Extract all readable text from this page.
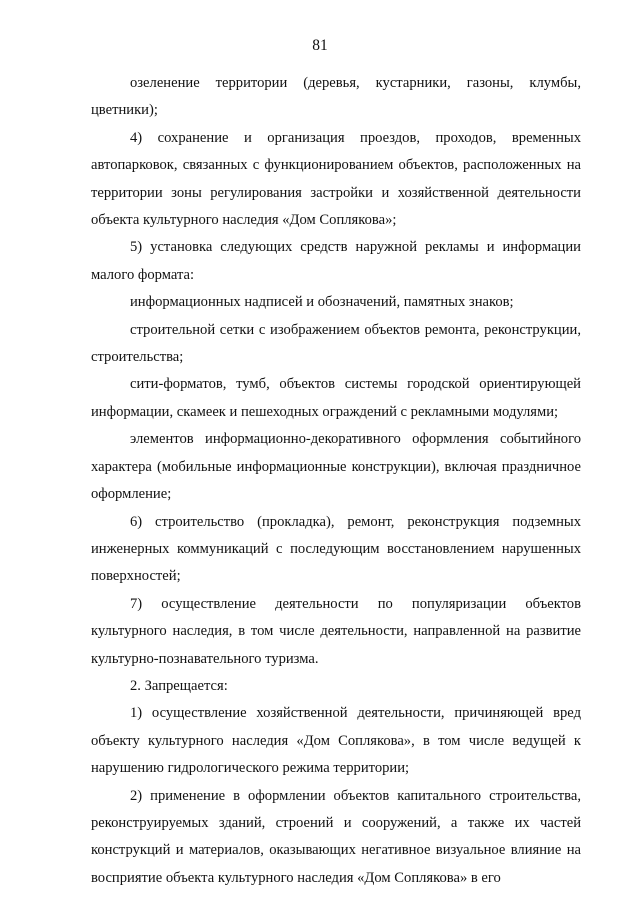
81

озеленение территории (деревья, кустарники, газоны, клумбы, цветники);

4) сохранение и организация проездов, проходов, временных автопарковок, связанных с функционированием объектов, расположенных на территории зоны регулирования застройки и хозяйственной деятельности объекта культурного наследия «Дом Соплякова»;

5) установка следующих средств наружной рекламы и информации малого формата:

информационных надписей и обозначений, памятных знаков;

строительной сетки с изображением объектов ремонта, реконструкции, строительства;

сити-форматов, тумб, объектов системы городской ориентирующей информации, скамеек и пешеходных ограждений с рекламными модулями;

элементов информационно-декоративного оформления событийного характера (мобильные информационные конструкции), включая праздничное оформление;

6) строительство (прокладка), ремонт, реконструкция подземных инженерных коммуникаций с последующим восстановлением нарушенных поверхностей;

7) осуществление деятельности по популяризации объектов культурного наследия, в том числе деятельности, направленной на развитие культурно-познавательного туризма.

2. Запрещается:

1) осуществление хозяйственной деятельности, причиняющей вред объекту культурного наследия «Дом Соплякова», в том числе ведущей к нарушению гидрологического режима территории;

2) применение в оформлении объектов капитального строительства, реконструируемых зданий, строений и сооружений, а также их частей конструкций и материалов, оказывающих негативное визуальное влияние на восприятие объекта культурного наследия «Дом Соплякова» в его
